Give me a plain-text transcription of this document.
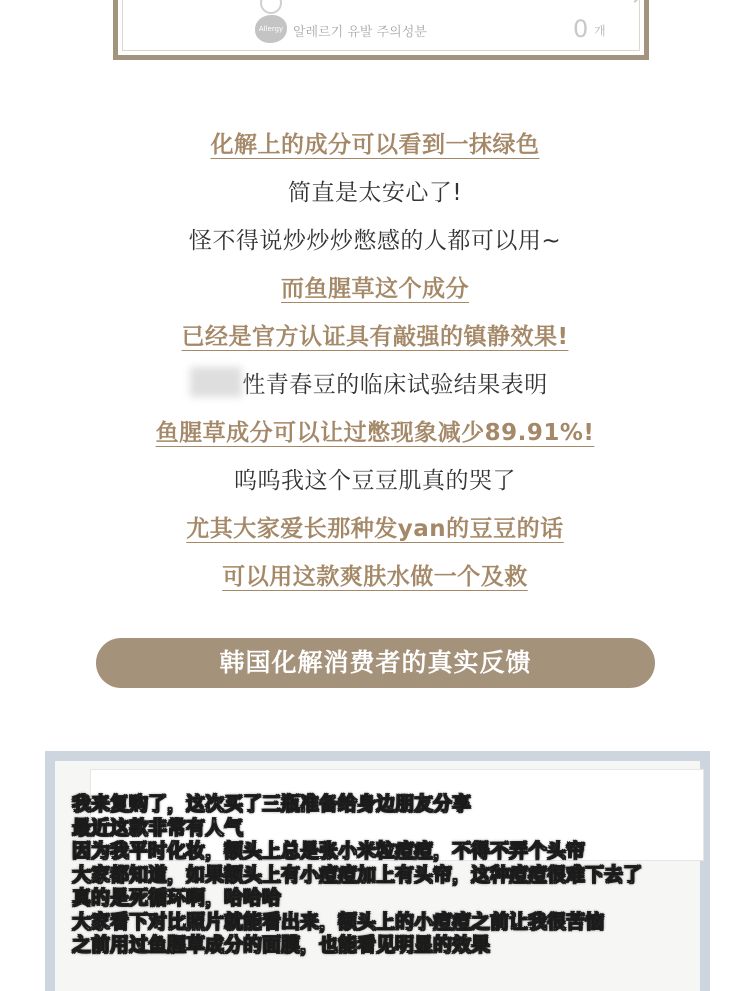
Allergy 알레르기 유발 주의성분	0 개
化解上的成分可以看到一抹绿色
简直是太安心了!
怪不得说炒炒炒憋感的人都可以用~
而鱼腥草这个成分
已经是官方认证具有敲强的镇静效果!
性青春豆的临床试验结果表明
鱼腥草成分可以让过憋现象减少89.91%!
呜呜我这个豆豆肌真的哭了
尤其大家爱长那种发yan的豆豆的话
可以用这款爽肤水做一个及救
韩国化解消费者的真实反馈
我来复购了，这次买了三瓶准备给身边朋友分享
最近这款非常有人气
因为我平时化妆，额头上总是张小米粒痘痘，不得不弄个头帘
大家都知道，如果额头上有小痘痘加上有头帘，这种痘痘很难下去了
真的是死循环啊，哈哈哈
大家看下对比照片就能看出来，额头上的小痘痘之前让我很苦恼
之前用过鱼腥草成分的面膜，也能看见明显的效果
